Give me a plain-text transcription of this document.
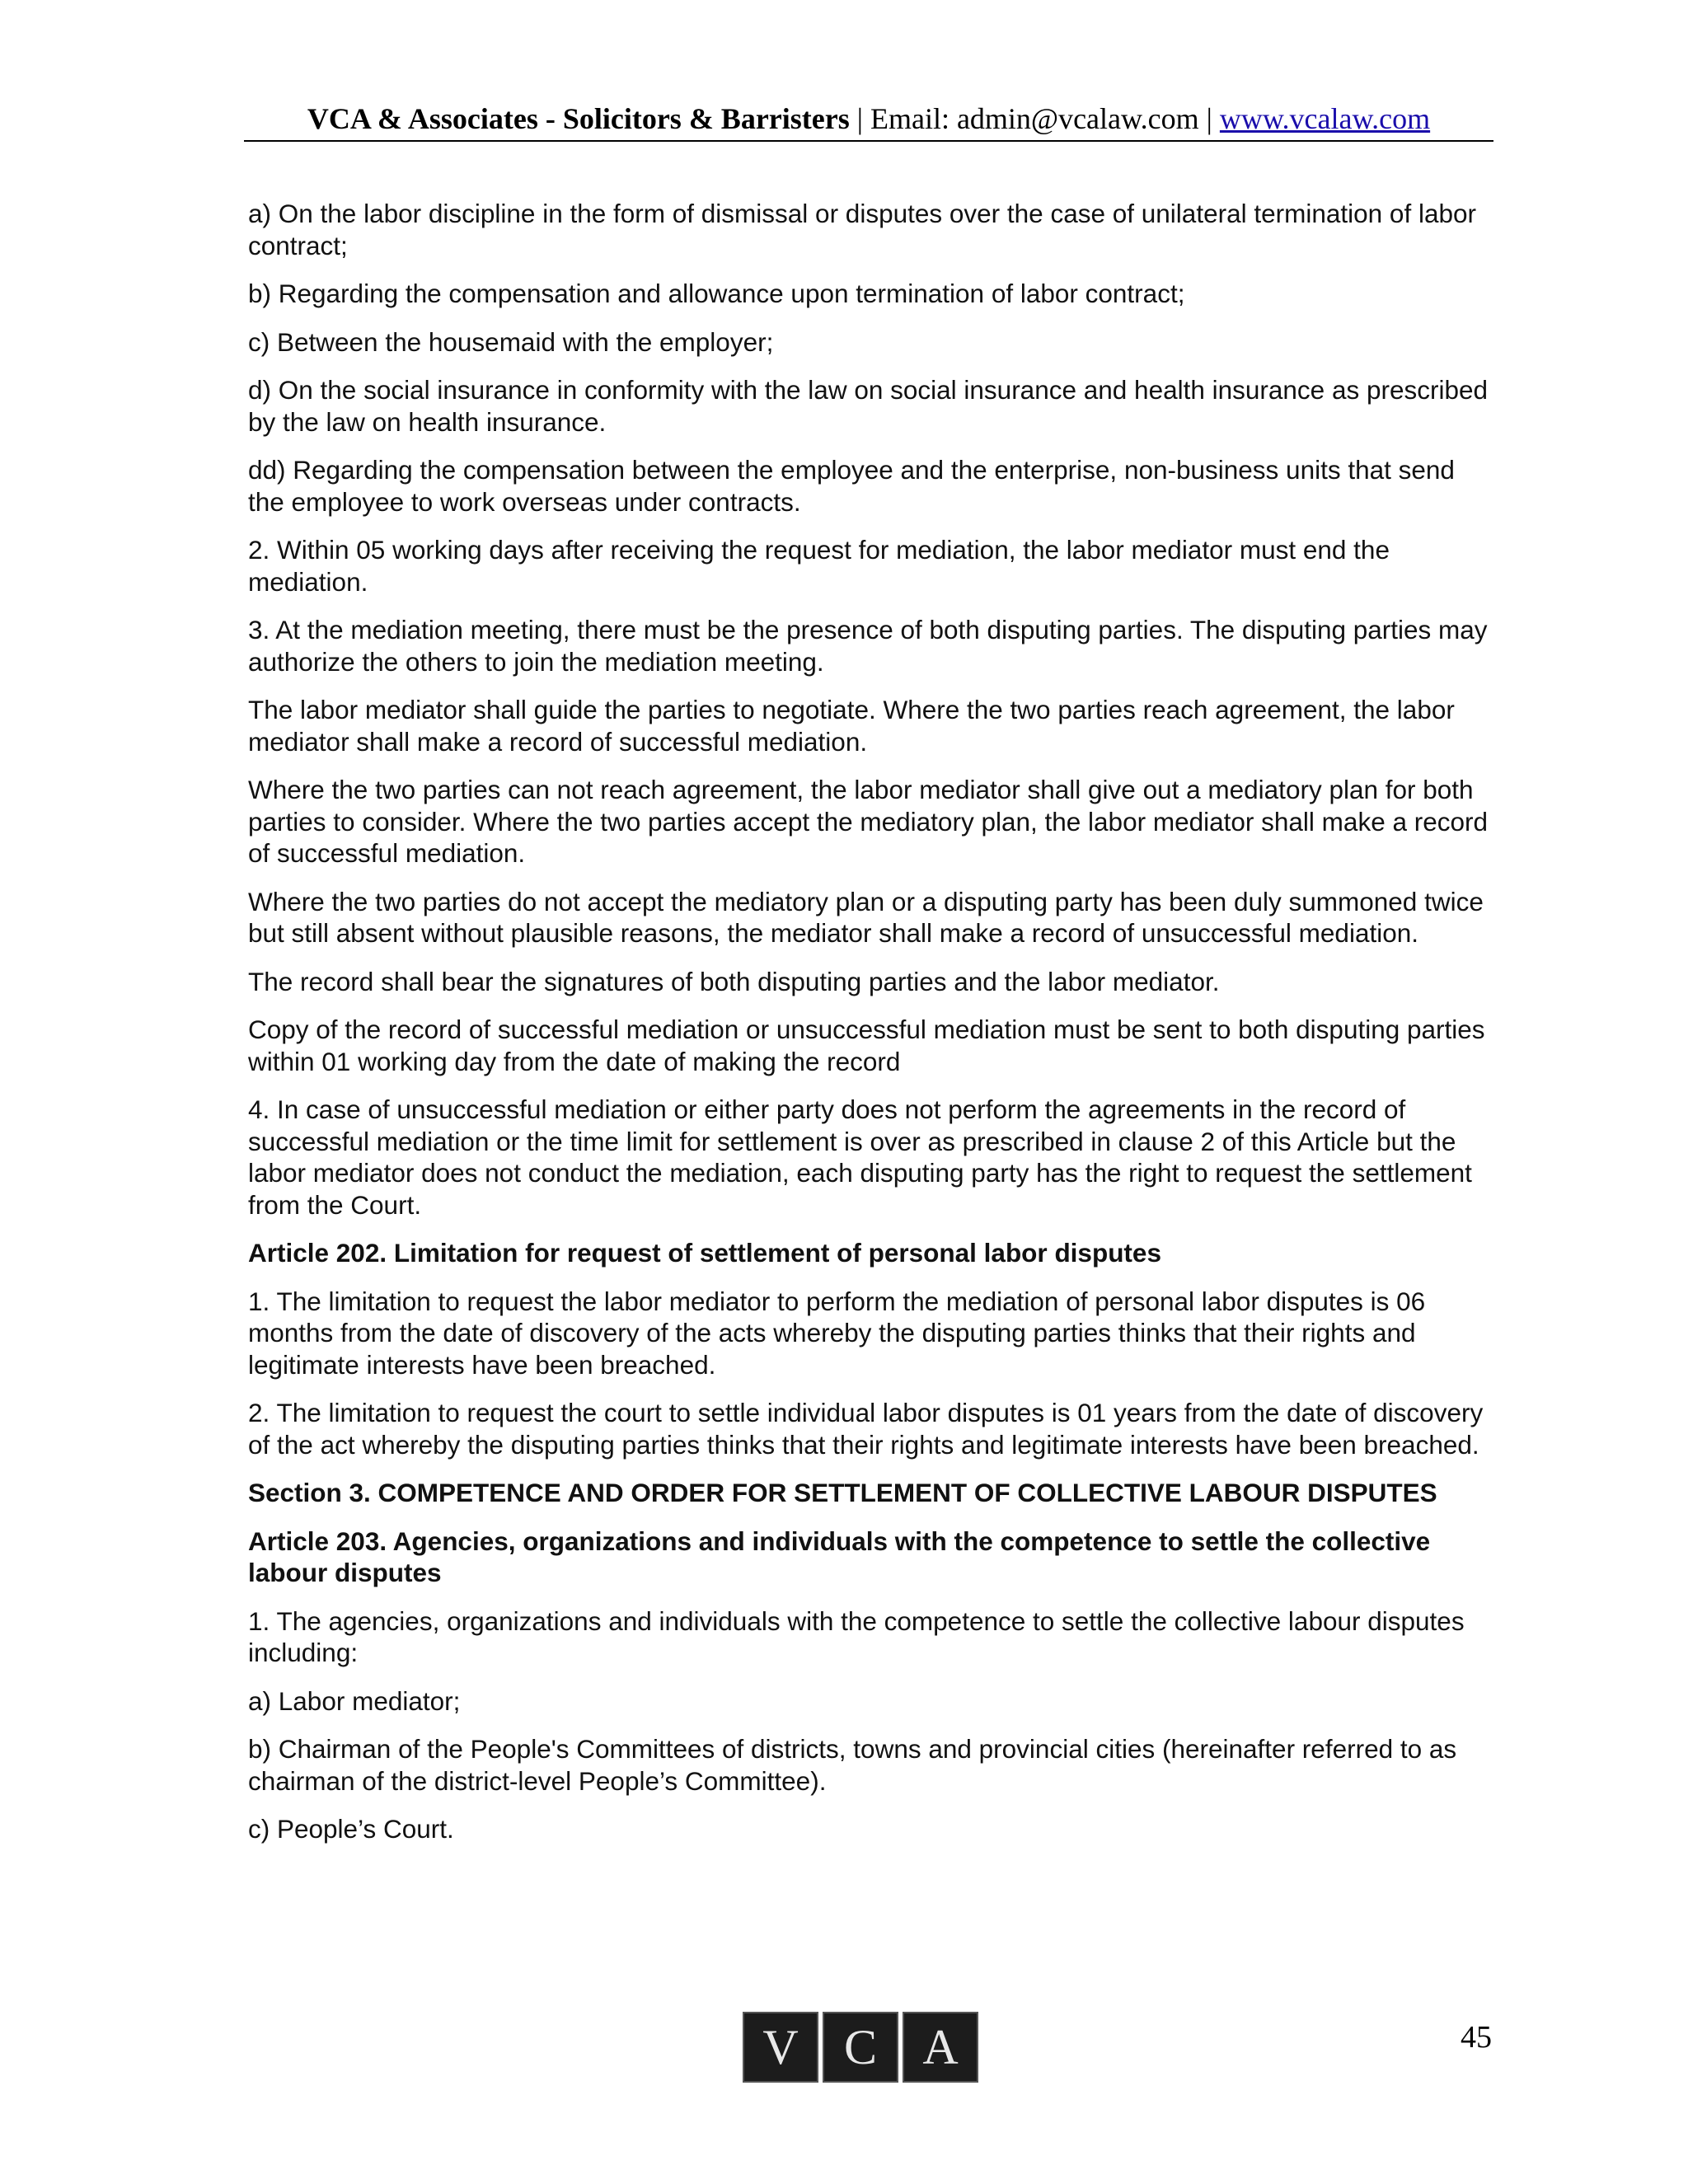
VCA & Associates - Solicitors & Barristers | Email: admin@vcalaw.com | www.vcalaw.com

a) On the labor discipline in the form of dismissal or disputes over the case of unilateral termination of labor contract;

b) Regarding the compensation and allowance upon termination of labor contract;

c) Between the housemaid with the employer;

d) On the social insurance in conformity with the law on social insurance and health insurance as prescribed by the law on health insurance.

dd) Regarding the compensation between the employee and the enterprise, non-business units that send the employee to work overseas under contracts.

2. Within 05 working days after receiving the request for mediation, the labor mediator must end the mediation.

3. At the mediation meeting, there must be the presence of both disputing parties. The disputing parties may authorize the others to join the mediation meeting.

The labor mediator shall guide the parties to negotiate. Where the two parties reach agreement, the labor mediator shall make a record of successful mediation.

Where the two parties can not reach agreement, the labor mediator shall give out a mediatory plan for both parties to consider. Where the two parties accept the mediatory plan, the labor mediator shall make a record of successful mediation.

Where the two parties do not accept the mediatory plan or a disputing party has been duly summoned twice but still absent without plausible reasons, the mediator shall make a record of unsuccessful mediation.

The record shall bear the signatures of both disputing parties and the labor mediator.

Copy of the record of successful mediation or unsuccessful mediation must be sent to both disputing parties within 01 working day from the date of making the record

4. In case of unsuccessful mediation or either party does not perform the agreements in the record of successful mediation or the time limit for settlement is over as prescribed in clause 2 of this Article but the labor mediator does not conduct the mediation, each disputing party has the right to request the settlement from the Court.

Article 202. Limitation for request of settlement of personal labor disputes

1. The limitation to request the labor mediator to perform the mediation of personal labor disputes is 06 months from the date of discovery of the acts whereby the disputing parties thinks that their rights and legitimate interests have been breached.

2. The limitation to request the court to settle individual labor disputes is 01 years from the date of discovery of the act whereby the disputing parties thinks that their rights and legitimate interests have been breached.

Section 3. COMPETENCE AND ORDER FOR SETTLEMENT OF COLLECTIVE LABOUR DISPUTES

Article 203. Agencies, organizations and individuals with the competence to settle the collective labour disputes

1. The agencies, organizations and individuals with the competence to settle the collective labour disputes including:

a) Labor mediator;

b) Chairman of the People's Committees of districts, towns and provincial cities (hereinafter referred to as chairman of the district-level People’s Committee).

c) People’s Court.

V C A	45
